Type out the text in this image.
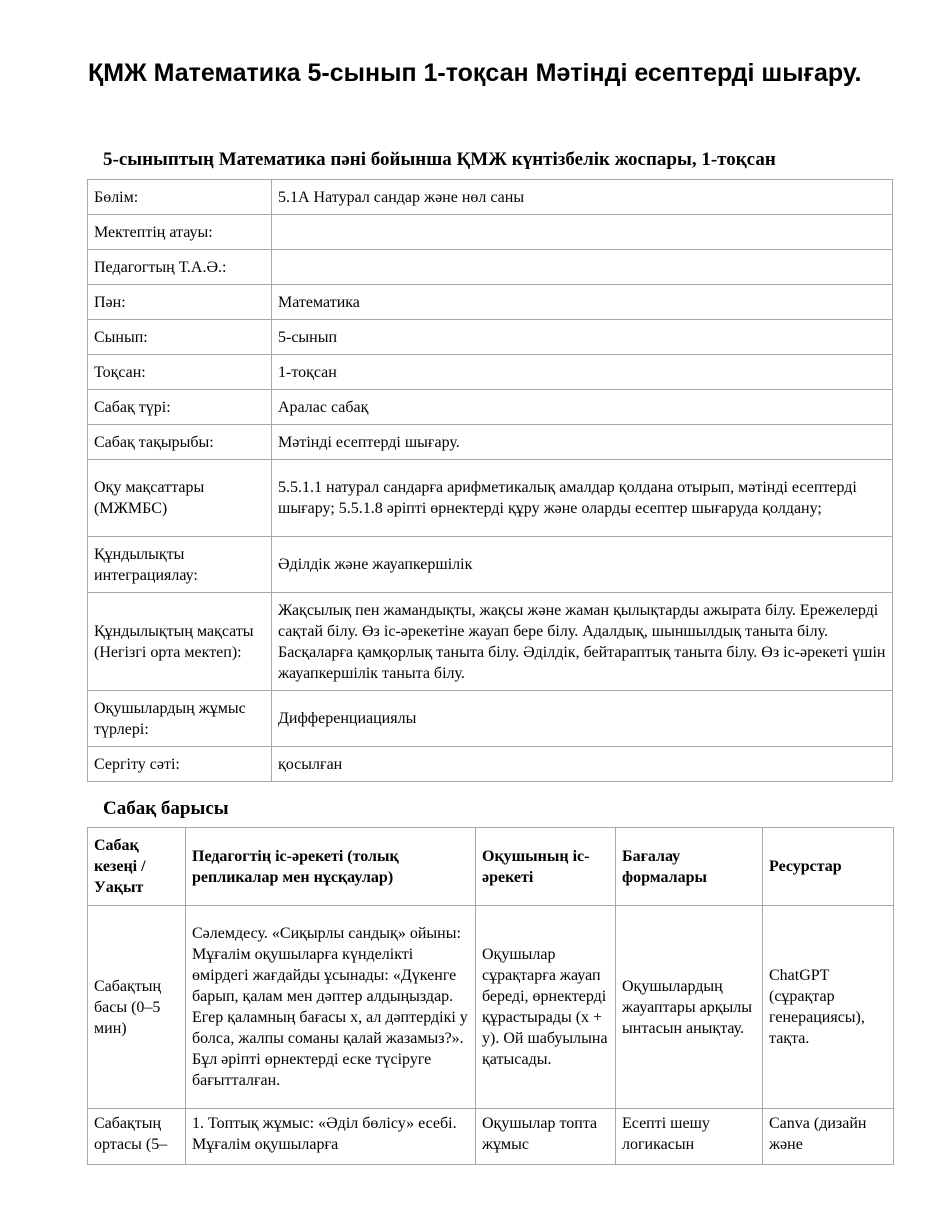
ҚМЖ Математика 5-сынып 1-тоқсан Мәтінді есептерді шығару.
5-сыныптың Математика пәні бойынша ҚМЖ күнтізбелік жоспары, 1-тоқсан
Бөлім:	5.1А Натурал сандар және нөл саны
Мектептің атауы:	
Педагогтың Т.А.Ә.:	
Пән:	Математика
Сынып:	5-сынып
Тоқсан:	1-тоқсан
Сабақ түрі:	Аралас сабақ
Сабақ тақырыбы:	Мәтінді есептерді шығару.
Оқу мақсаттары (МЖМБС)	5.5.1.1 натурал сандарға арифметикалық амалдар қолдана отырып, мәтінді есептерді шығару; 5.5.1.8 әріпті өрнектерді құру және оларды есептер шығаруда қолдану;
Құндылықты интеграциялау:	Әділдік және жауапкершілік
Құндылықтың мақсаты (Негізгі орта мектеп):	Жақсылық пен жамандықты, жақсы және жаман қылықтарды ажырата білу. Ережелерді сақтай білу. Өз іс-әрекетіне жауап бере білу. Адалдық, шыншылдық таныта білу. Басқаларға қамқорлық таныта білу. Әділдік, бейтараптық таныта білу. Өз іс-әрекеті үшін жауапкершілік таныта білу.
Оқушылардың жұмыс түрлері:	Дифференциациялы
Сергіту сәті:	қосылған
Сабақ барысы
Сабақ кезеңі / Уақыт	Педагогтің іс-әрекеті (толық репликалар мен нұсқаулар)	Оқушының іс-әрекеті	Бағалау формалары	Ресурстар
Сабақтың басы (0–5 мин)	Сәлемдесу. «Сиқырлы сандық» ойыны: Мұғалім оқушыларға күнделікті өмірдегі жағдайды ұсынады: «Дүкенге барып, қалам мен дәптер алдыңыздар. Егер қаламның бағасы x, ал дәптердікі y болса, жалпы соманы қалай жазамыз?». Бұл әріпті өрнектерді еске түсіруге бағытталған.	Оқушылар сұрақтарға жауап береді, өрнектерді құрастырады (x + y). Ой шабуылына қатысады.	Оқушылардың жауаптары арқылы ынтасын анықтау.	ChatGPT (сұрақтар генерациясы), тақта.
Сабақтың ортасы (5–	1. Топтық жұмыс: «Әділ бөлісу» есебі. Мұғалім оқушыларға	Оқушылар топта жұмыс	Есепті шешу логикасын	Canva (дизайн және
